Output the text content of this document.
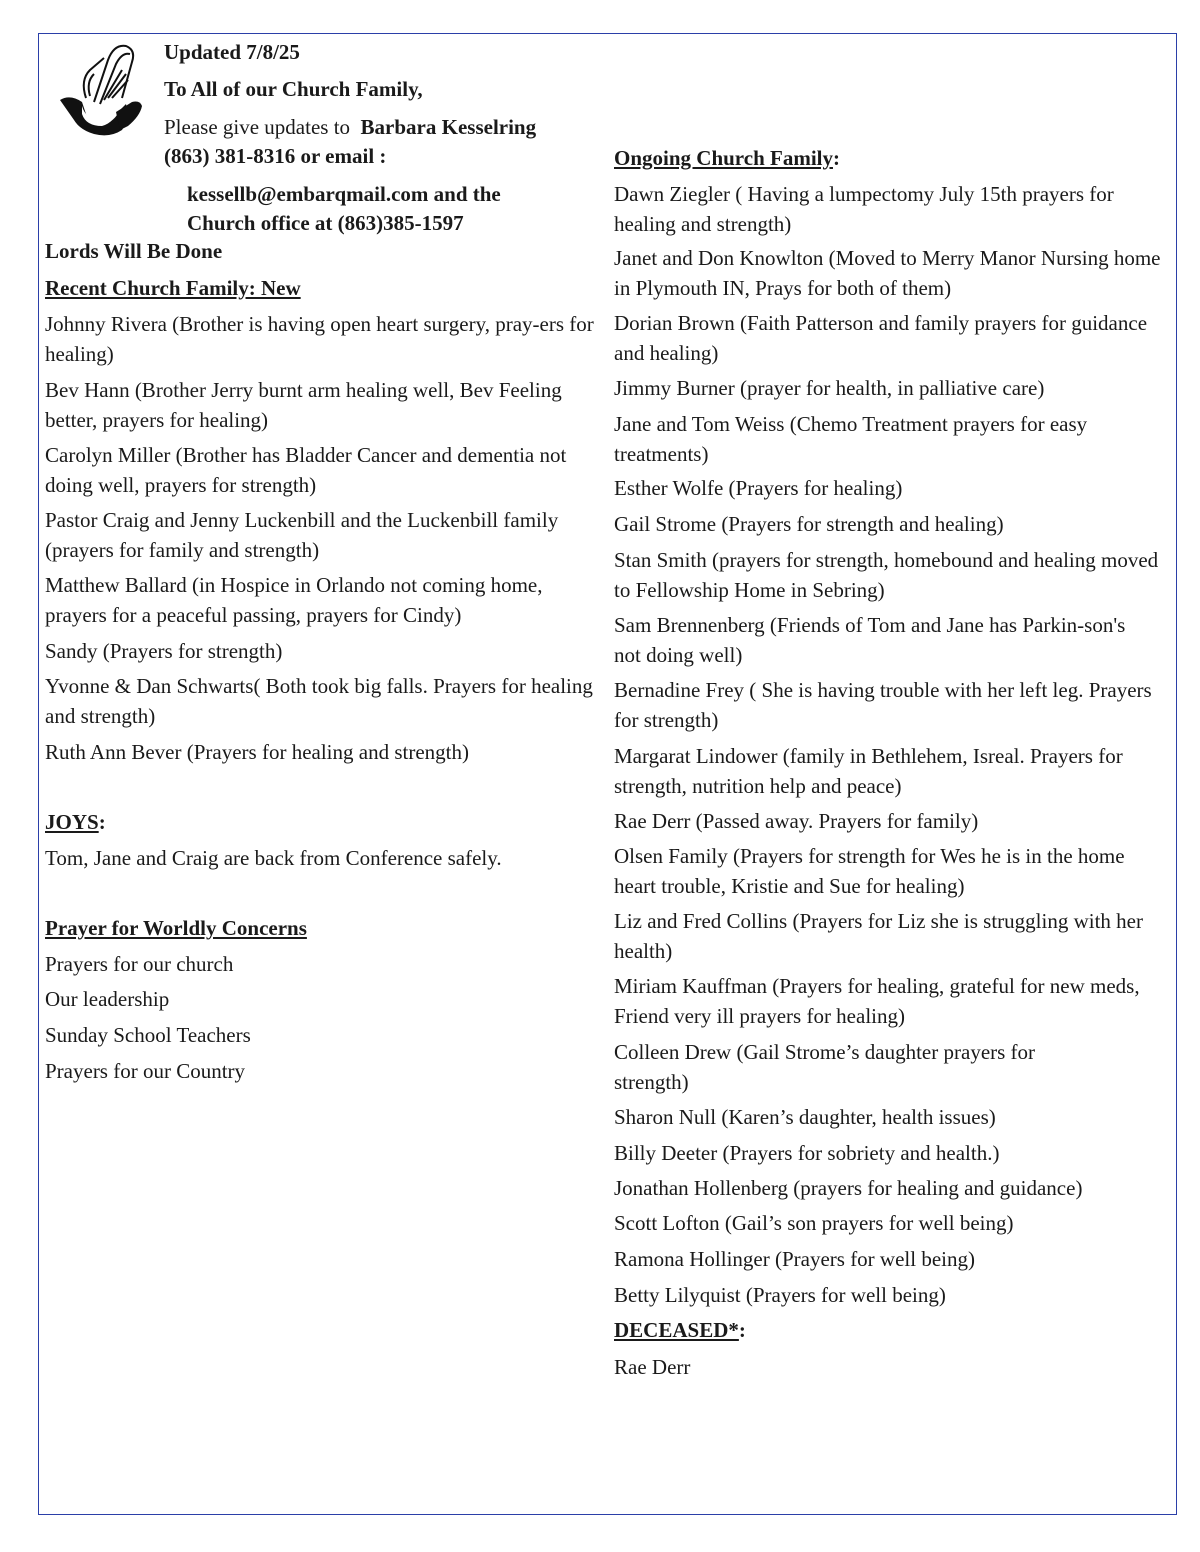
Updated 7/8/25
To All of our Church Family,
Please give updates to Barbara Kesselring
(863) 381-8316 or email :
kessellb@embarqmail.com and the
Church office at (863)385-1597
Lords Will Be Done
Recent Church Family: New
Johnny Rivera (Brother is having open heart surgery, pray-ers for healing)
Bev Hann (Brother Jerry burnt arm healing well, Bev Feeling better, prayers for healing)
Carolyn Miller (Brother has Bladder Cancer and dementia not doing well, prayers for strength)
Pastor Craig and Jenny Luckenbill and the Luckenbill family (prayers for family and strength)
Matthew Ballard (in Hospice in Orlando not coming home, prayers for a peaceful passing, prayers for Cindy)
Sandy (Prayers for strength)
Yvonne & Dan Schwarts( Both took big falls. Prayers for healing and strength)
Ruth Ann Bever (Prayers for healing and strength)
JOYS:
Tom, Jane and Craig are back from Conference safely.
Prayer for Worldly Concerns
Prayers for our church
Our leadership
Sunday School Teachers
Prayers for our Country
Ongoing Church Family:
Dawn Ziegler ( Having a lumpectomy July 15th prayers for healing and strength)
Janet and Don Knowlton (Moved to Merry Manor Nursing home in Plymouth IN, Prays for both of them)
Dorian Brown (Faith Patterson and family prayers for guidance and healing)
Jimmy Burner (prayer for health, in palliative care)
Jane and Tom Weiss (Chemo Treatment prayers for easy treatments)
Esther Wolfe (Prayers for healing)
Gail Strome (Prayers for strength and healing)
Stan Smith (prayers for strength, homebound and healing moved to Fellowship Home in Sebring)
Sam Brennenberg (Friends of Tom and Jane has Parkin-son's not doing well)
Bernadine Frey ( She is having trouble with her left leg. Prayers for strength)
Margarat Lindower (family in Bethlehem, Isreal. Prayers for strength, nutrition help and peace)
Rae Derr (Passed away. Prayers for family)
Olsen Family (Prayers for strength for Wes he is in the home heart trouble, Kristie and Sue for healing)
Liz and Fred Collins (Prayers for Liz she is struggling with her health)
Miriam Kauffman (Prayers for healing, grateful for new meds, Friend very ill prayers for healing)
Colleen Drew (Gail Strome’s daughter prayers for strength)
Sharon Null (Karen’s daughter, health issues)
Billy Deeter (Prayers for sobriety and health.)
Jonathan Hollenberg (prayers for healing and guidance)
Scott Lofton (Gail’s son prayers for well being)
Ramona Hollinger (Prayers for well being)
Betty Lilyquist (Prayers for well being)
DECEASED*:
Rae Derr
